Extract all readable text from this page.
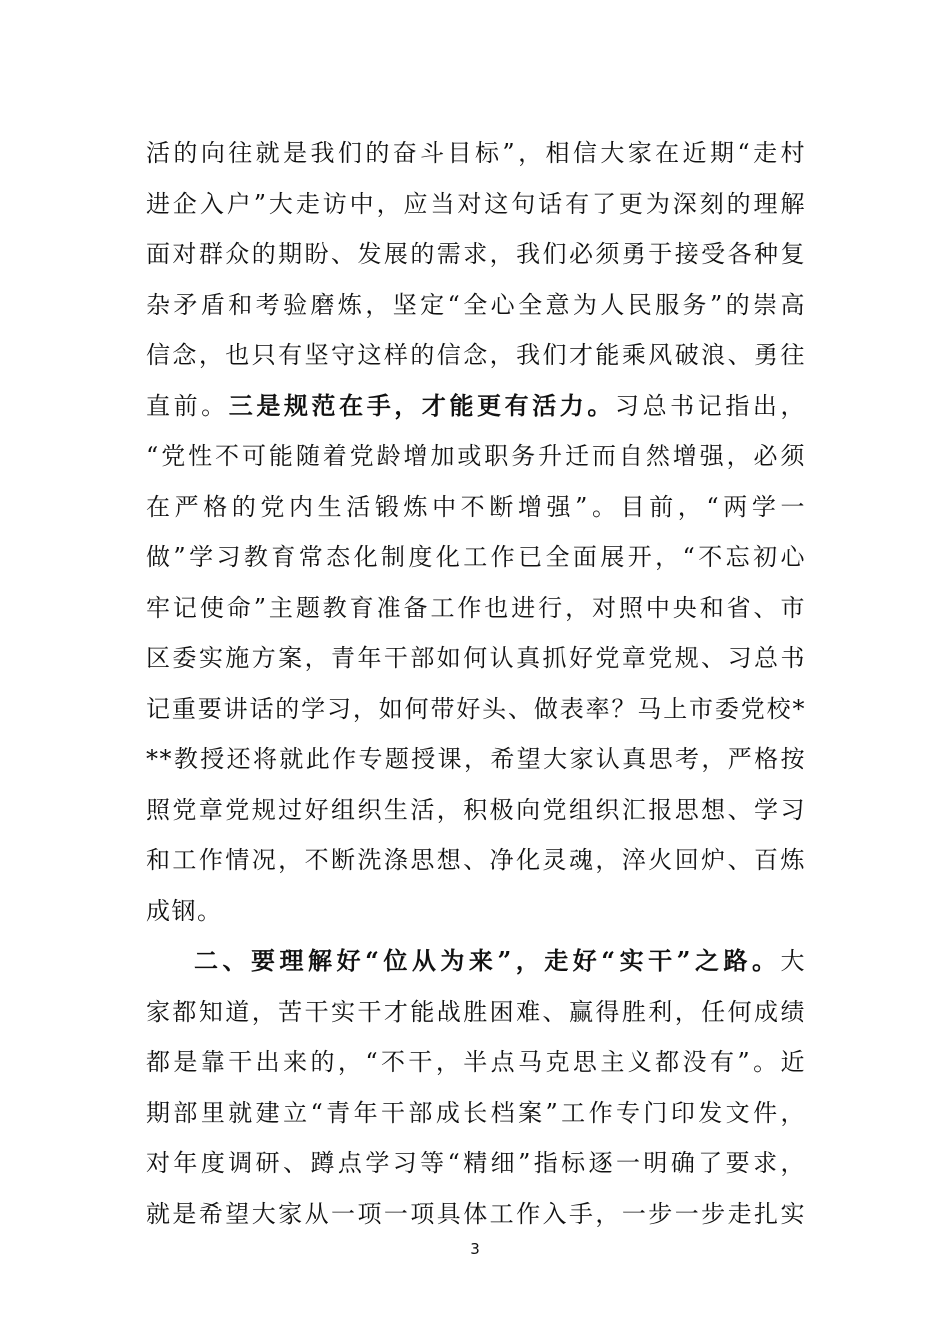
活的向往就是我们的奋斗目标”，相信大家在近期“走村
进企入户”大走访中，应当对这句话有了更为深刻的理解
面对群众的期盼、发展的需求，我们必须勇于接受各种复
杂矛盾和考验磨炼，坚定“全心全意为人民服务”的崇高
信念，也只有坚守这样的信念，我们才能乘风破浪、勇往
直前。三是规范在手，才能更有活力。习总书记指出，
“党性不可能随着党龄增加或职务升迁而自然增强，必须
在严格的党内生活锻炼中不断增强”。目前，“两学一
做”学习教育常态化制度化工作已全面展开，“不忘初心
牢记使命”主题教育准备工作也进行，对照中央和省、市
区委实施方案，青年干部如何认真抓好党章党规、习总书
记重要讲话的学习，如何带好头、做表率？马上市委党校*
**教授还将就此作专题授课，希望大家认真思考，严格按
照党章党规过好组织生活，积极向党组织汇报思想、学习
和工作情况，不断洗涤思想、净化灵魂，淬火回炉、百炼
成钢。
二、要理解好“位从为来”，走好“实干”之路。大
家都知道，苦干实干才能战胜困难、赢得胜利，任何成绩
都是靠干出来的，“不干，半点马克思主义都没有”。近
期部里就建立“青年干部成长档案”工作专门印发文件，
对年度调研、蹲点学习等“精细”指标逐一明确了要求，
就是希望大家从一项一项具体工作入手，一步一步走扎实
3
